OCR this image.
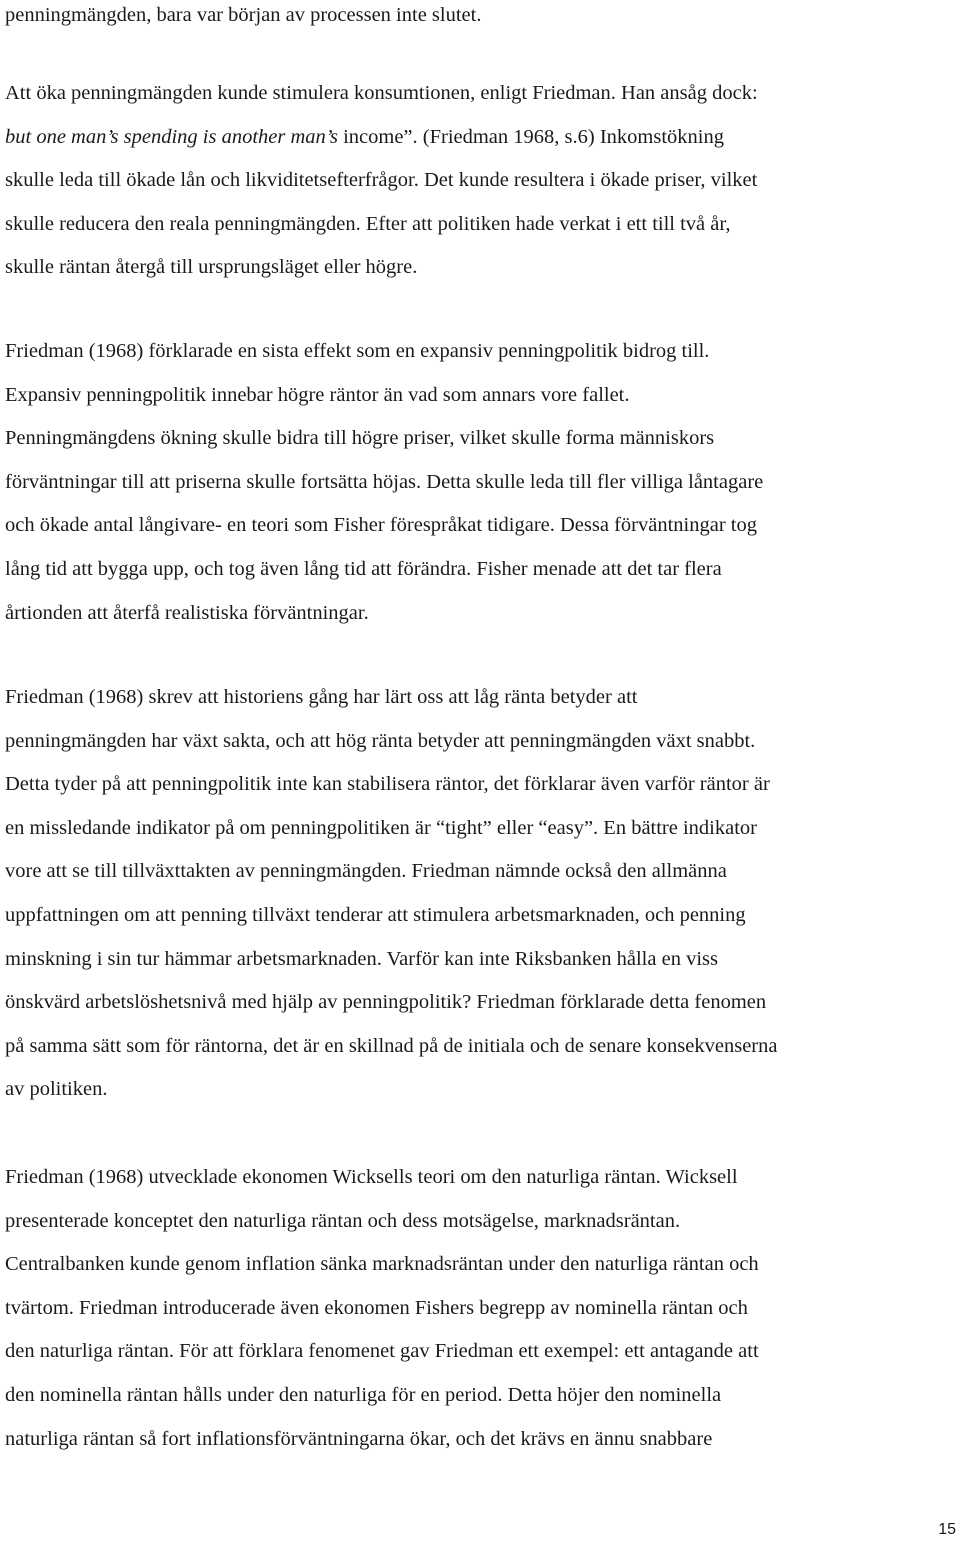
penningmängden, bara var början av processen inte slutet.
Att öka penningmängden kunde stimulera konsumtionen, enligt Friedman. Han ansåg dock:
but one man’s spending is another man’s income”. (Friedman 1968, s.6) Inkomstökning
skulle leda till ökade lån och likviditetsefterfrågor. Det kunde resultera i ökade priser, vilket
skulle reducera den reala penningmängden. Efter att politiken hade verkat i ett till två år,
skulle räntan återgå till ursprungsläget eller högre.
Friedman (1968) förklarade en sista effekt som en expansiv penningpolitik bidrog till.
Expansiv penningpolitik innebar högre räntor än vad som annars vore fallet.
Penningmängdens ökning skulle bidra till högre priser, vilket skulle forma människors
förväntningar till att priserna skulle fortsätta höjas. Detta skulle leda till fler villiga låntagare
och ökade antal långivare- en teori som Fisher förespråkat tidigare. Dessa förväntningar tog
lång tid att bygga upp, och tog även lång tid att förändra. Fisher menade att det tar flera
årtionden att återfå realistiska förväntningar.
Friedman (1968) skrev att historiens gång har lärt oss att låg ränta betyder att
penningmängden har växt sakta, och att hög ränta betyder att penningmängden växt snabbt.
Detta tyder på att penningpolitik inte kan stabilisera räntor, det förklarar även varför räntor är
en missledande indikator på om penningpolitiken är “tight” eller “easy”. En bättre indikator
vore att se till tillväxttakten av penningmängden. Friedman nämnde också den allmänna
uppfattningen om att penning tillväxt tenderar att stimulera arbetsmarknaden, och penning
minskning i sin tur hämmar arbetsmarknaden. Varför kan inte Riksbanken hålla en viss
önskvärd arbetslöshetsnivå med hjälp av penningpolitik? Friedman förklarade detta fenomen
på samma sätt som för räntorna, det är en skillnad på de initiala och de senare konsekvenserna
av politiken.
Friedman (1968) utvecklade ekonomen Wicksells teori om den naturliga räntan. Wicksell
presenterade konceptet den naturliga räntan och dess motsägelse, marknadsräntan.
Centralbanken kunde genom inflation sänka marknadsräntan under den naturliga räntan och
tvärtom. Friedman introducerade även ekonomen Fishers begrepp av nominella räntan och
den naturliga räntan. För att förklara fenomenet gav Friedman ett exempel: ett antagande att
den nominella räntan hålls under den naturliga för en period. Detta höjer den nominella
naturliga räntan så fort inflationsförväntningarna ökar, och det krävs en ännu snabbare
15
